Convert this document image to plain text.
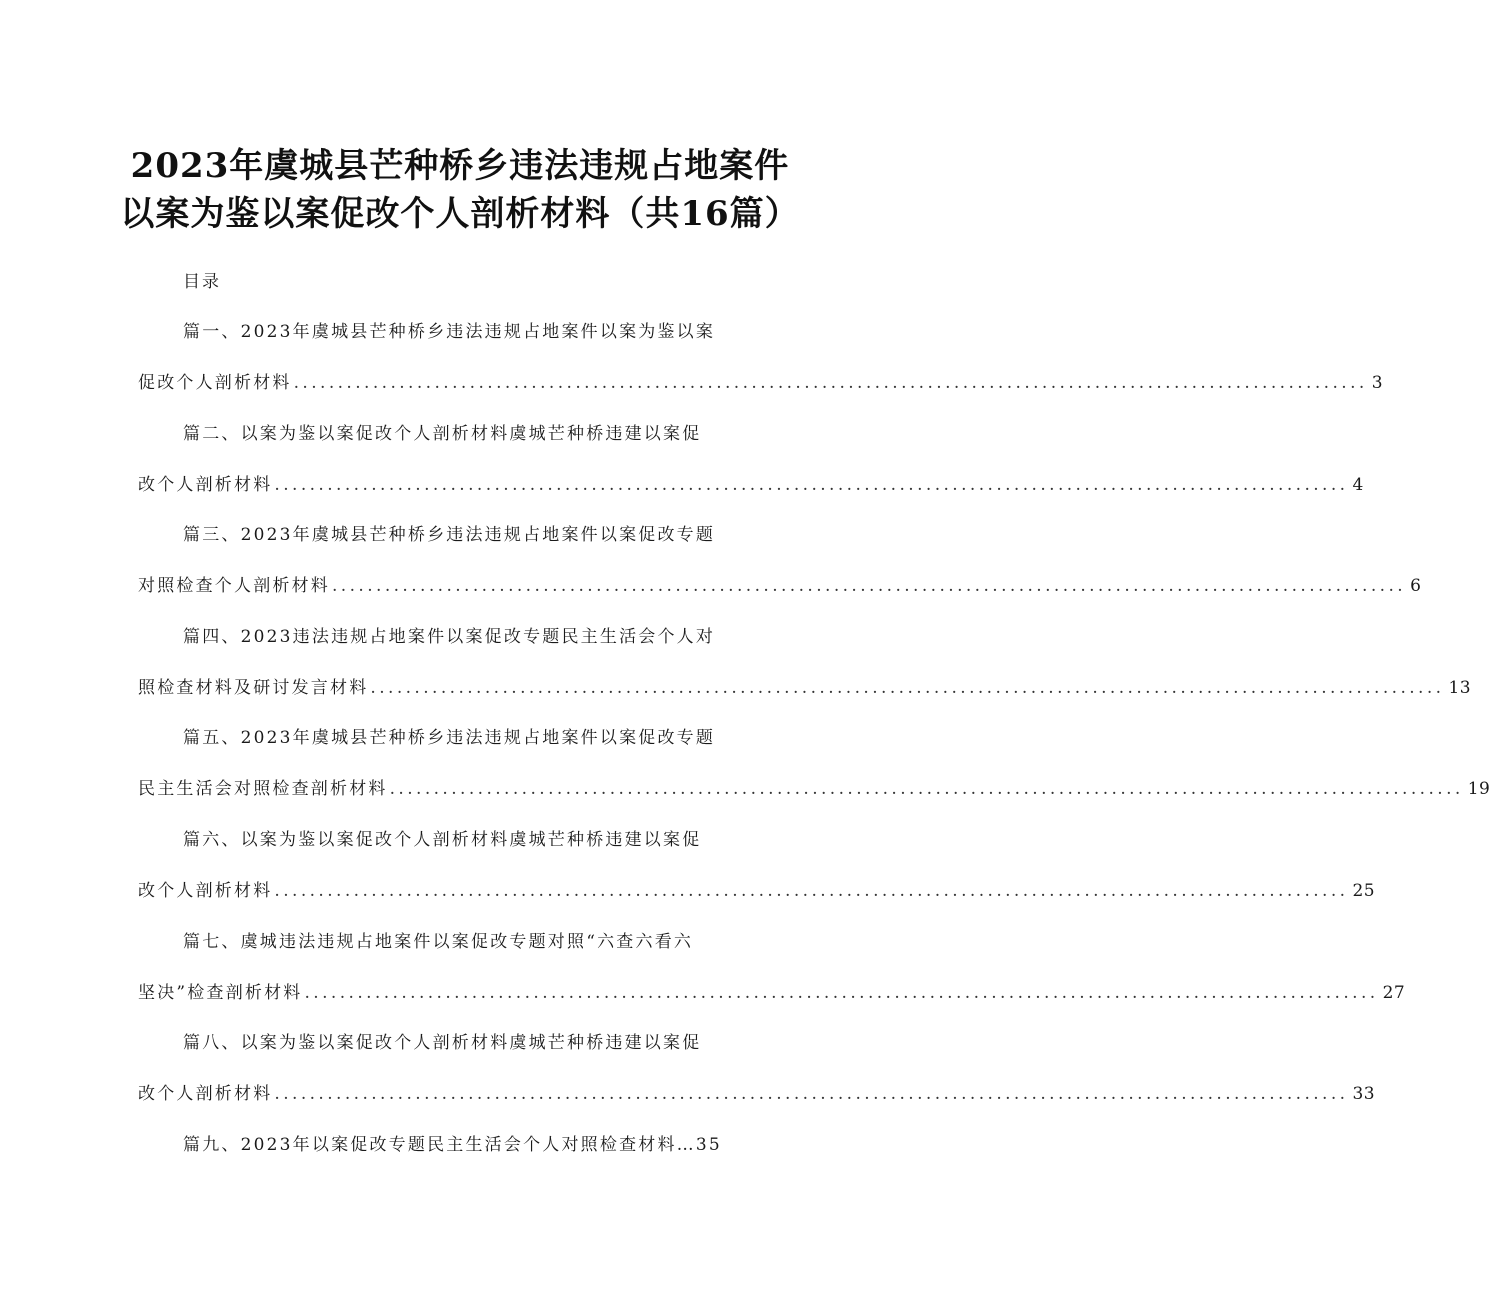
2023年虞城县芒种桥乡违法违规占地案件
以案为鉴以案促改个人剖析材料（共16篇）
目录
篇一、2023年虞城县芒种桥乡违法违规占地案件以案为鉴以案
促改个人剖析材料 .......................................................................................................................... 3
篇二、以案为鉴以案促改个人剖析材料虞城芒种桥违建以案促
改个人剖析材料 .......................................................................................................................... 4
篇三、2023年虞城县芒种桥乡违法违规占地案件以案促改专题
对照检查个人剖析材料 .......................................................................................................................... 6
篇四、2023违法违规占地案件以案促改专题民主生活会个人对
照检查材料及研讨发言材料 .......................................................................................................................... 13
篇五、2023年虞城县芒种桥乡违法违规占地案件以案促改专题
民主生活会对照检查剖析材料 .......................................................................................................................... 19
篇六、以案为鉴以案促改个人剖析材料虞城芒种桥违建以案促
改个人剖析材料 .......................................................................................................................... 25
篇七、虞城违法违规占地案件以案促改专题对照“六查六看六
坚决”检查剖析材料 .......................................................................................................................... 27
篇八、以案为鉴以案促改个人剖析材料虞城芒种桥违建以案促
改个人剖析材料 .......................................................................................................................... 33
篇九、2023年以案促改专题民主生活会个人对照检查材料…35
